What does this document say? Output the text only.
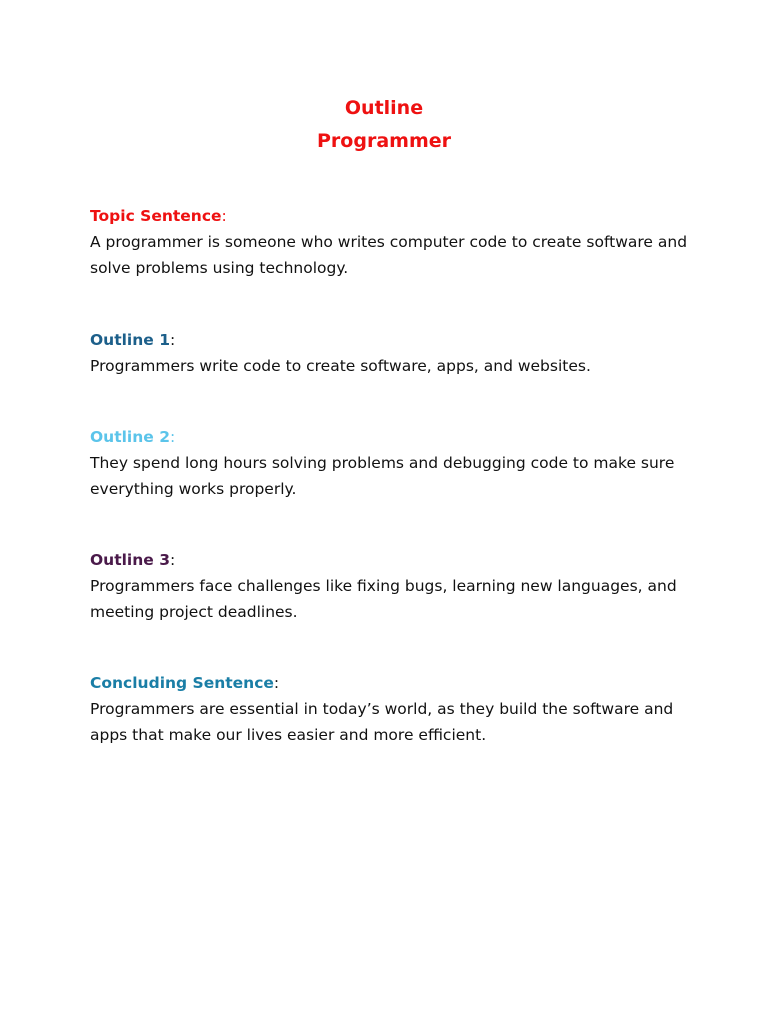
Outline
Programmer
Topic Sentence:
A programmer is someone who writes computer code to create software and solve problems using technology.
Outline 1:
Programmers write code to create software, apps, and websites.
Outline 2:
They spend long hours solving problems and debugging code to make sure everything works properly.
Outline 3:
Programmers face challenges like fixing bugs, learning new languages, and meeting project deadlines.
Concluding Sentence:
Programmers are essential in today’s world, as they build the software and apps that make our lives easier and more efficient.
